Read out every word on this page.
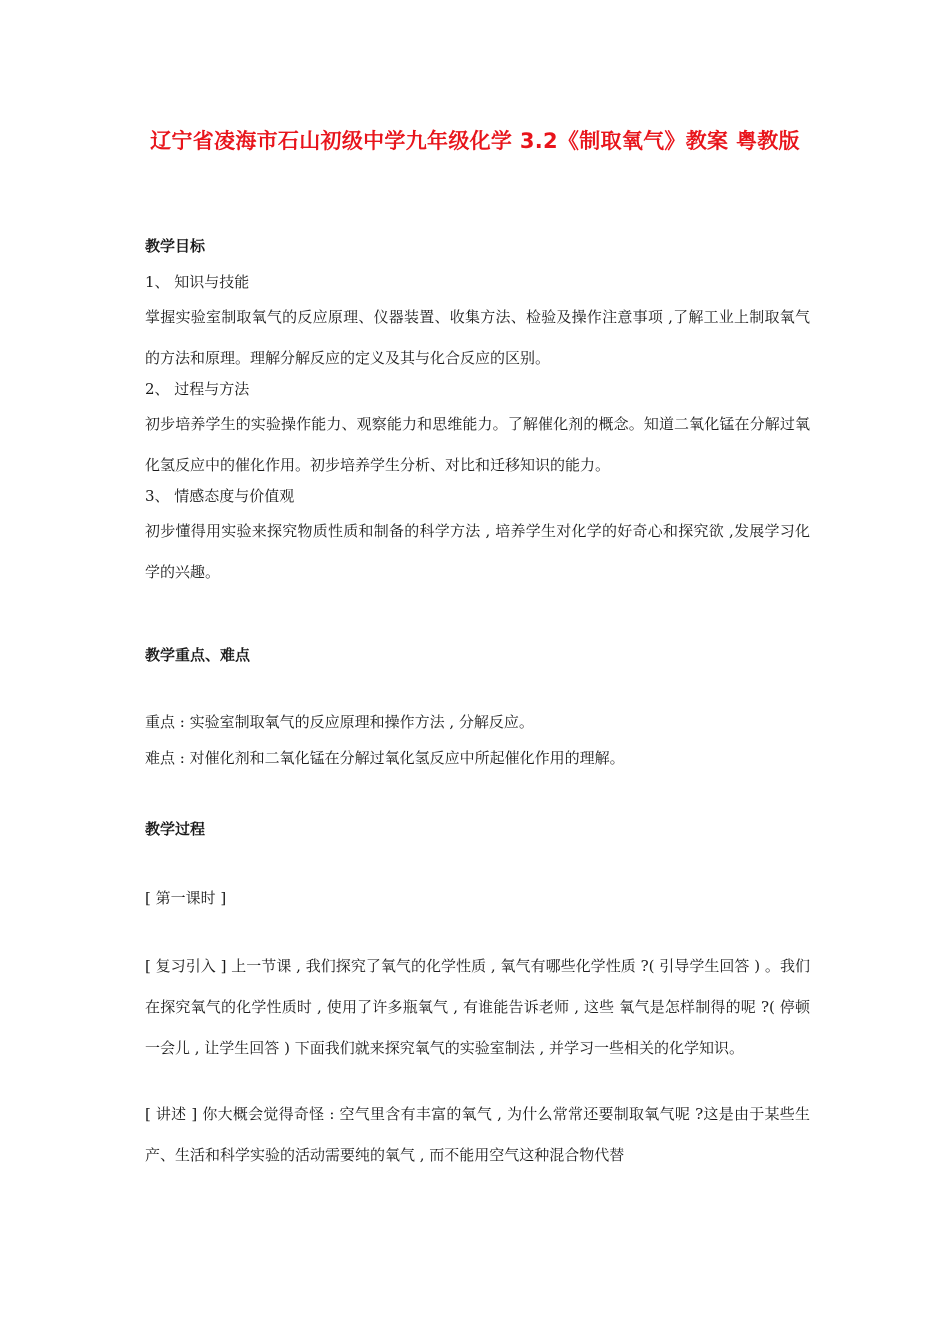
辽宁省凌海市石山初级中学九年级化学 3.2《制取氧气》教案 粤教版
教学目标
1、 知识与技能
掌握实验室制取氧气的反应原理、仪器装置、收集方法、检验及操作注意事项 ,了解工业上制取氧气的方法和原理。理解分解反应的定义及其与化合反应的区别。
2、 过程与方法
初步培养学生的实验操作能力、观察能力和思维能力。了解催化剂的概念。知道二氧化锰在分解过氧化氢反应中的催化作用。初步培养学生分析、对比和迁移知识的能力。
3、 情感态度与价值观
初步懂得用实验来探究物质性质和制备的科学方法 , 培养学生对化学的好奇心和探究欲 ,发展学习化学的兴趣。
教学重点、难点
重点 : 实验室制取氧气的反应原理和操作方法 , 分解反应。
难点 : 对催化剂和二氧化锰在分解过氧化氢反应中所起催化作用的理解。
教学过程
[ 第一课时 ]
[ 复习引入 ] 上一节课 , 我们探究了氧气的化学性质 , 氧气有哪些化学性质 ?( 引导学生回答 ) 。我们在探究氧气的化学性质时 , 使用了许多瓶氧气 , 有谁能告诉老师 , 这些 氧气是怎样制得的呢 ?( 停顿一会儿 , 让学生回答 ) 下面我们就来探究氧气的实验室制法 , 并学习一些相关的化学知识。
[ 讲述 ] 你大概会觉得奇怪 : 空气里含有丰富的氧气 , 为什么常常还要制取氧气呢 ?这是由于某些生产、生活和科学实验的活动需要纯的氧气 , 而不能用空气这种混合物代替
